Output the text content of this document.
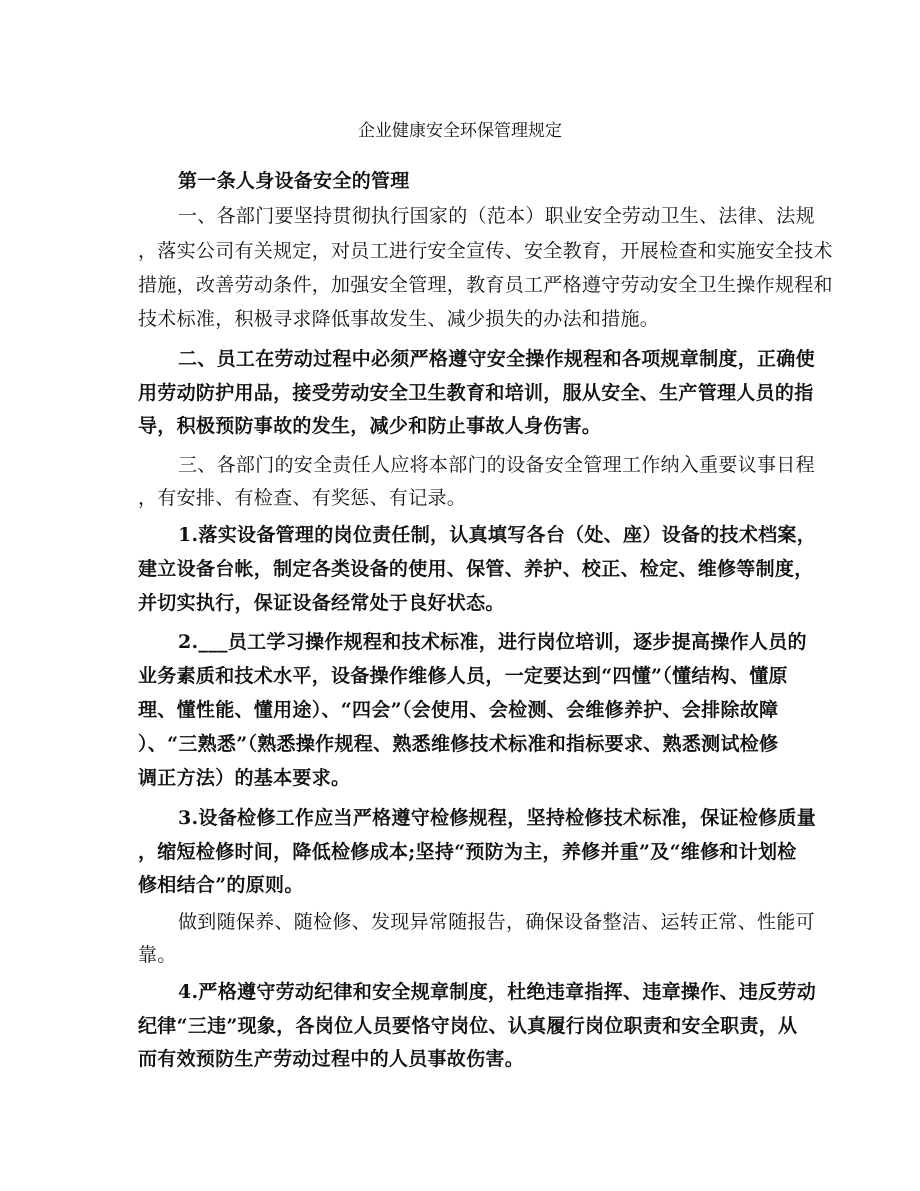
企业健康安全环保管理规定
第一条人身设备安全的管理
一、各部门要坚持贯彻执行国家的（范本）职业安全劳动卫生、法律、法规
，落实公司有关规定，对员工进行安全宣传、安全教育，开展检查和实施安全技术
措施，改善劳动条件，加强安全管理，教育员工严格遵守劳动安全卫生操作规程和
技术标准，积极寻求降低事故发生、减少损失的办法和措施。
二、员工在劳动过程中必须严格遵守安全操作规程和各项规章制度，正确使
用劳动防护用品，接受劳动安全卫生教育和培训，服从安全、生产管理人员的指
导，积极预防事故的发生，减少和防止事故人身伤害。
三、各部门的安全责任人应将本部门的设备安全管理工作纳入重要议事日程
，有安排、有检查、有奖惩、有记录。
1.落实设备管理的岗位责任制，认真填写各台（处、座）设备的技术档案，
建立设备台帐，制定各类设备的使用、保管、养护、校正、检定、维修等制度，
并切实执行，保证设备经常处于良好状态。
2.___员工学习操作规程和技术标准，进行岗位培训，逐步提高操作人员的
业务素质和技术水平，设备操作维修人员，一定要达到“四懂”（懂结构、懂原
理、懂性能、懂用途）、“四会”（会使用、会检测、会维修养护、会排除故障
）、“三熟悉”（熟悉操作规程、熟悉维修技术标准和指标要求、熟悉测试检修
调正方法）的基本要求。
3.设备检修工作应当严格遵守检修规程，坚持检修技术标准，保证检修质量
，缩短检修时间，降低检修成本;坚持“预防为主，养修并重”及“维修和计划检
修相结合”的原则。
做到随保养、随检修、发现异常随报告，确保设备整洁、运转正常、性能可
靠。
4.严格遵守劳动纪律和安全规章制度，杜绝违章指挥、违章操作、违反劳动
纪律“三违”现象，各岗位人员要恪守岗位、认真履行岗位职责和安全职责，从
而有效预防生产劳动过程中的人员事故伤害。
